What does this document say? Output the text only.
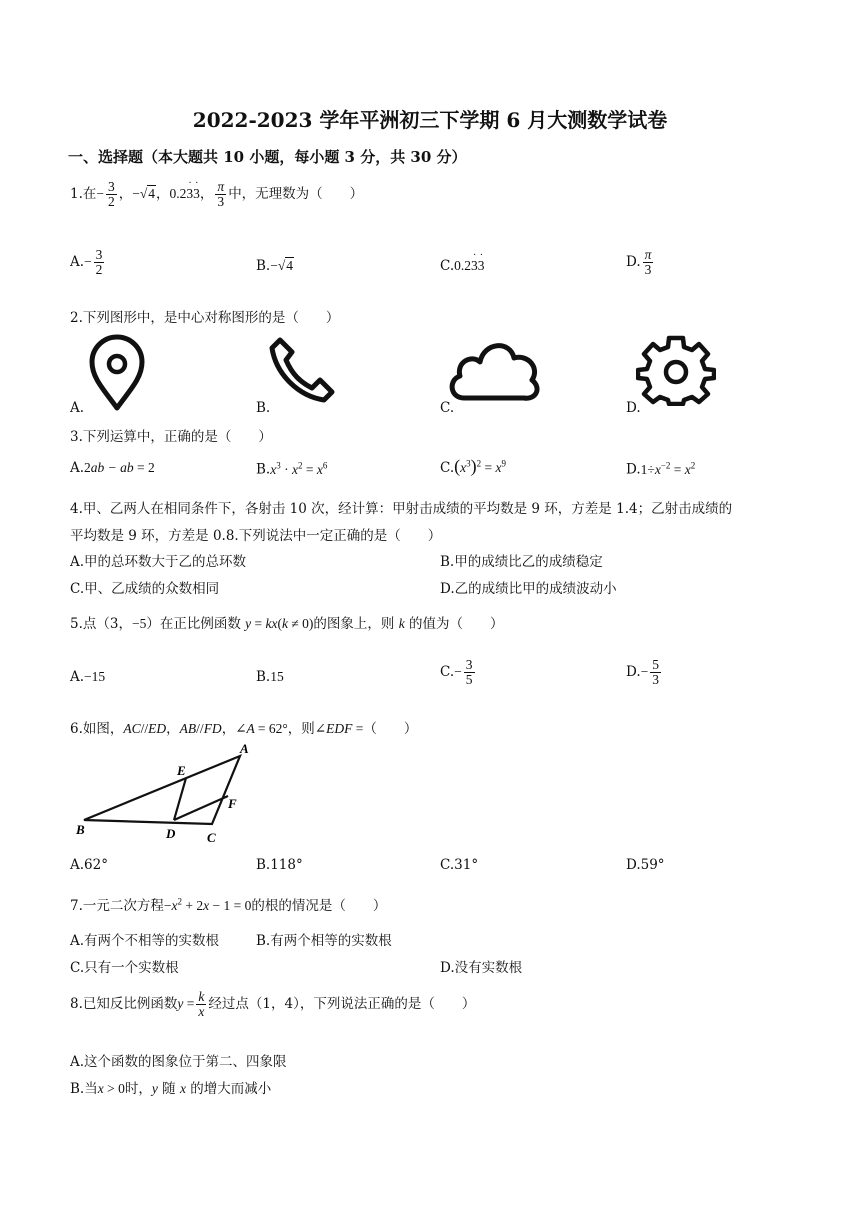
2022-2023 学年平洲初三下学期 6 月大测数学试卷
一、选择题（本大题共 10 小题，每小题 3 分，共 30 分）
1.在− $\frac{3}{2}$ ，−√4，0.23
·
3
·
， $\frac{\pi}{3}$ 中，无理数为（　　）
$A.- \frac{3}{2}$	B.−√4	C.0.23
·
3
·	D. $\frac{\pi}{3}$
2.下列图形中，是中心对称图形的是（　　）
A.	B.	C.	D.
3.下列运算中，正确的是（　　）
A.2ab − ab = 2	$B.x^3 \cdot x^2 = x^6$	$C.(x^3)^2 = x^9$	$D.1\div x^{-2} = x^2$
4.甲、乙两人在相同条件下，各射击 10 次，经计算：甲射击成绩的平均数是 9 环，方差是 1.4；乙射击成绩的
平均数是 9 环，方差是 0.8.下列说法中一定正确的是（　　）
A.甲的总环数大于乙的总环数	B.甲的成绩比乙的成绩稳定
C.甲、乙成绩的众数相同	D.乙的成绩比甲的成绩波动小
5.点（3，−5）在正比例函数 y = kx(k ≠ 0)的图象上，则 k 的值为（　　）
A.−15	B.15	$C.- \frac{3}{5}$	$D.- \frac{5}{3}$
6.如图，AC//ED，AB//FD，∠A = 62°，则∠EDF =（　　）
A
B
C
D
E
F
A.62°	B.118°	C.31°	D.59°
7.一元二次方程$-x^2 + 2x - 1 = 0$的根的情况是（　　）
A.有两个不相等的实数根	B.有两个相等的实数根
C.只有一个实数根	D.没有实数根
8.已知反比例函数$y = \frac{k}{x}$ 经过点（1，4），下列说法正确的是（　　）
A.这个函数的图象位于第二、四象限
B.当x > 0时，y 随 x 的增大而减小
